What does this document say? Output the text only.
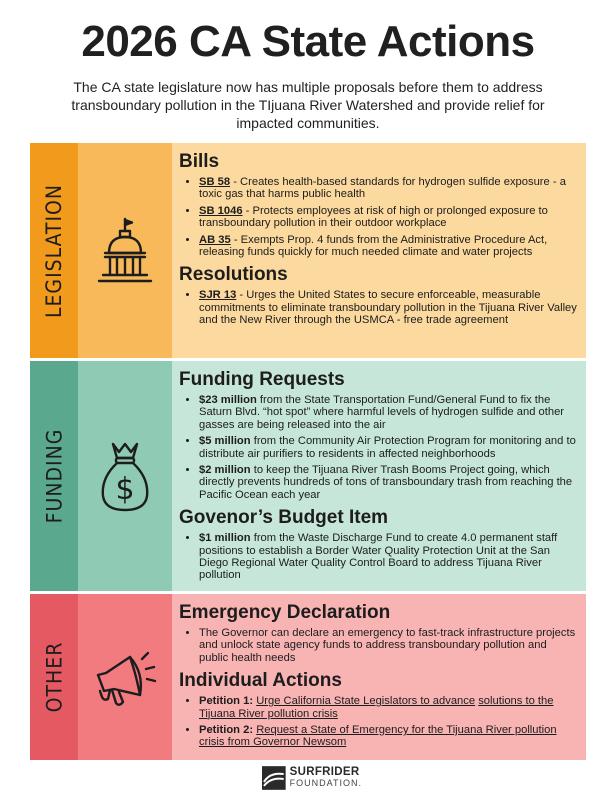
2026 CA State Actions

The CA state legislature now has multiple proposals before them to address transboundary pollution in the TIjuana River Watershed and provide relief for impacted communities.

LEGISLATION
Bills
• SB 58 - Creates health-based standards for hydrogen sulfide exposure - a toxic gas that harms public health
• SB 1046 - Protects employees at risk of high or prolonged exposure to transboundary pollution in their outdoor workplace
• AB 35 - Exempts Prop. 4 funds from the Administrative Procedure Act, releasing funds quickly for much needed climate and water projects
Resolutions
• SJR 13 - Urges the United States to secure enforceable, measurable commitments to eliminate transboundary pollution in the Tijuana River Valley and the New River through the USMCA - free trade agreement
FUNDING $
Funding Requests
• $23 million from the State Transportation Fund/General Fund to fix the Saturn Blvd. “hot spot” where harmful levels of hydrogen sulfide and other gasses are being released into the air
• $5 million from the Community Air Protection Program for monitoring and to distribute air purifiers to residents in affected neighborhoods
• $2 million to keep the Tijuana River Trash Booms Project going, which directly prevents hundreds of tons of transboundary trash from reaching the Pacific Ocean each year
Govenor’s Budget Item
• $1 million from the Waste Discharge Fund to create 4.0 permanent staff positions to establish a Border Water Quality Protection Unit at the San Diego Regional Water Quality Control Board to address Tijuana River pollution
OTHER
Emergency Declaration
• The Governor can declare an emergency to fast-track infrastructure projects and unlock state agency funds to address transboundary pollution and public health needs
Individual Actions
• Petition 1: Urge California State Legislators to advance solutions to the Tijuana River pollution crisis
• Petition 2: Request a State of Emergency for the Tijuana River pollution crisis from Governor Newsom
SURFRIDER
FOUNDATION.
